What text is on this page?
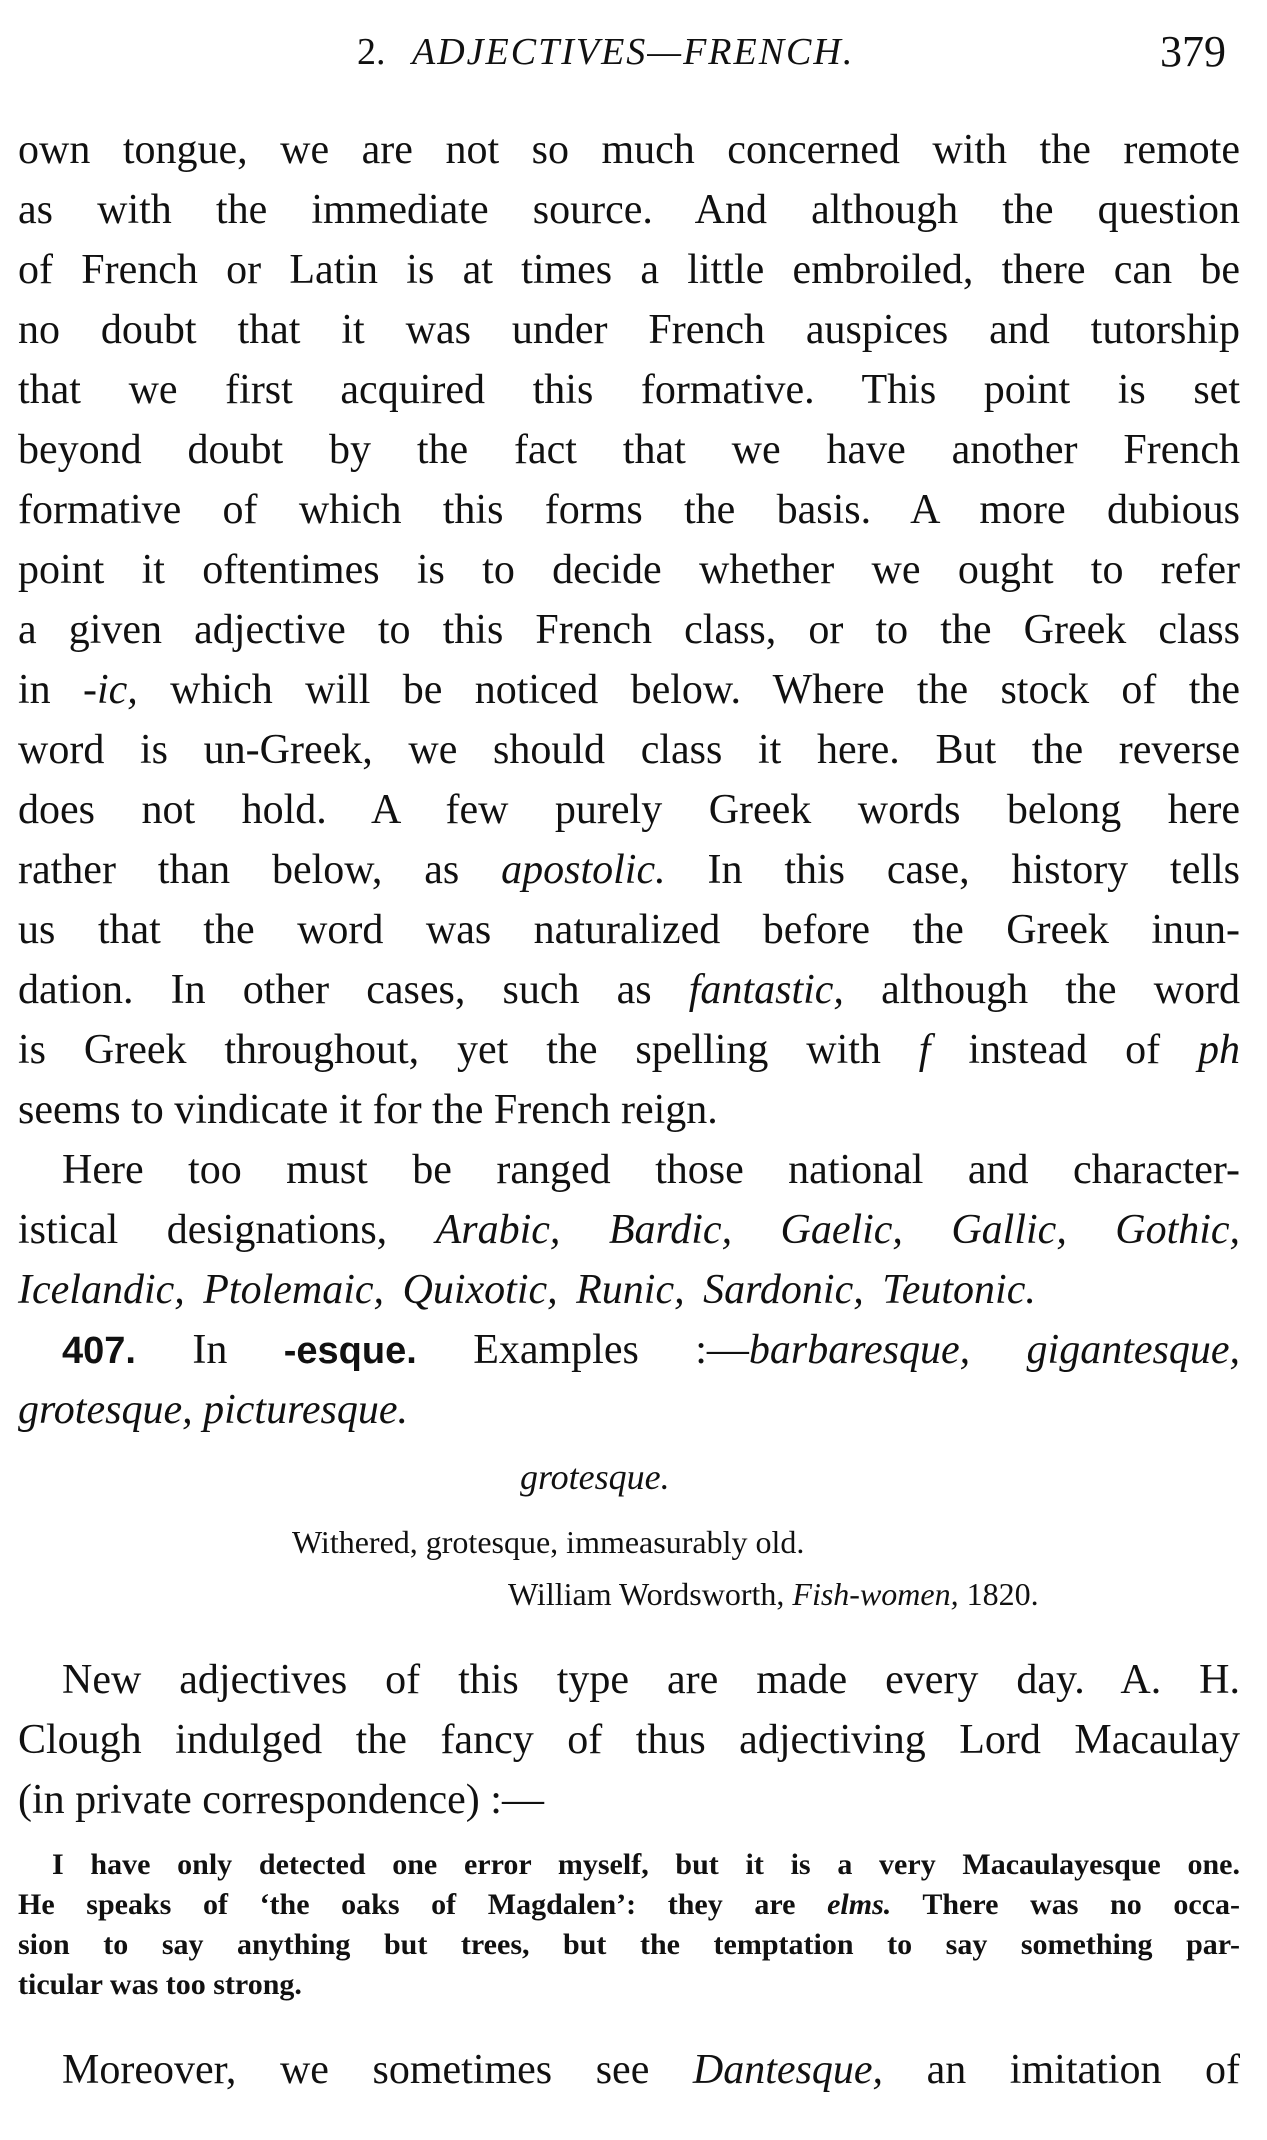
2. ADJECTIVES—FRENCH.	379
own tongue, we are not so much concerned with the remote
as with the immediate source. And although the question
of French or Latin is at times a little embroiled, there can be
no doubt that it was under French auspices and tutorship
that we first acquired this formative. This point is set
beyond doubt by the fact that we have another French
formative of which this forms the basis. A more dubious
point it oftentimes is to decide whether we ought to refer
a given adjective to this French class, or to the Greek class
in -ic, which will be noticed below. Where the stock of the
word is un-Greek, we should class it here. But the reverse
does not hold. A few purely Greek words belong here
rather than below, as apostolic. In this case, history tells
us that the word was naturalized before the Greek inun-
dation. In other cases, such as fantastic, although the word
is Greek throughout, yet the spelling with f instead of ph
seems to vindicate it for the French reign.
Here too must be ranged those national and character-
istical designations, Arabic, Bardic, Gaelic, Gallic, Gothic,
Icelandic, Ptolemaic, Quixotic, Runic, Sardonic, Teutonic.
407. In -esque. Examples :—barbaresque, gigantesque,
grotesque, picturesque.
grotesque.
Withered, grotesque, immeasurably old.
William Wordsworth, Fish-women, 1820.
New adjectives of this type are made every day. A. H.
Clough indulged the fancy of thus adjectiving Lord Macaulay
(in private correspondence) :—
I have only detected one error myself, but it is a very Macaulayesque one.
He speaks of ‘the oaks of Magdalen’: they are elms. There was no occa-
sion to say anything but trees, but the temptation to say something par-
ticular was too strong.
Moreover, we sometimes see Dantesque, an imitation of
